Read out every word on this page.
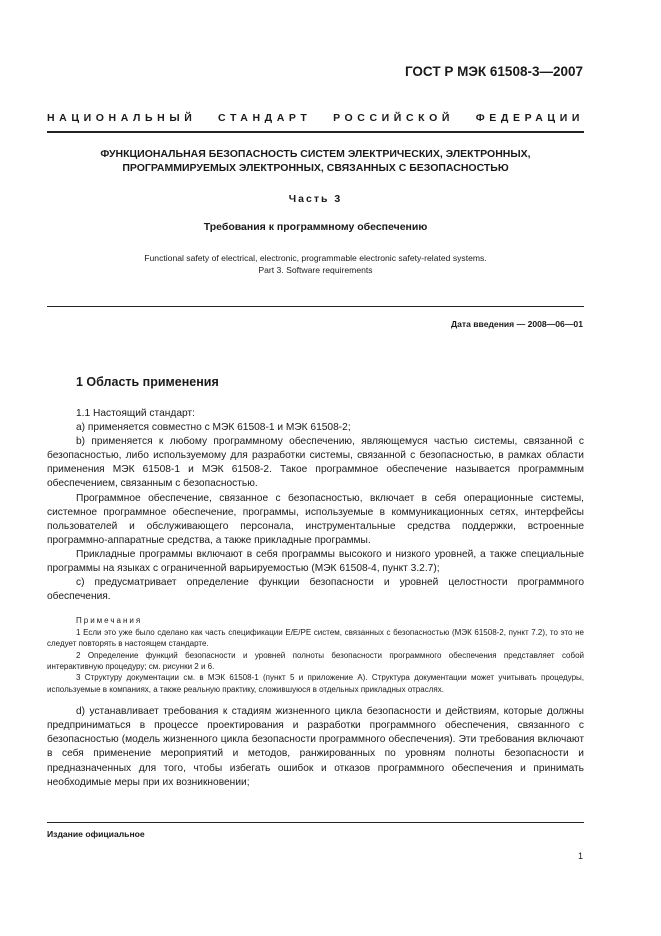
ГОСТ Р МЭК 61508-3—2007
НАЦИОНАЛЬНЫЙ СТАНДАРТ РОССИЙСКОЙ ФЕДЕРАЦИИ
ФУНКЦИОНАЛЬНАЯ БЕЗОПАСНОСТЬ СИСТЕМ ЭЛЕКТРИЧЕСКИХ, ЭЛЕКТРОННЫХ,
ПРОГРАММИРУЕМЫХ ЭЛЕКТРОННЫХ, СВЯЗАННЫХ С БЕЗОПАСНОСТЬЮ
Часть 3
Требования к программному обеспечению
Functional safety of electrical, electronic, programmable electronic safety-related systems.
Part 3. Software requirements
Дата введения — 2008—06—01
1 Область применения

1.1 Настоящий стандарт:

а) применяется совместно с МЭК 61508-1 и МЭК 61508-2;

b) применяется к любому программному обеспечению, являющемуся частью системы, связанной с безопасностью, либо используемому для разработки системы, связанной с безопасностью, в рамках области применения МЭК 61508-1 и МЭК 61508-2. Такое программное обеспечение называется программным обеспечением, связанным с безопасностью.

Программное обеспечение, связанное с безопасностью, включает в себя операционные системы, системное программное обеспечение, программы, используемые в коммуникационных сетях, интерфейсы пользователей и обслуживающего персонала, инструментальные средства поддержки, встроенные программно-аппаратные средства, а также прикладные программы.

Прикладные программы включают в себя программы высокого и низкого уровней, а также специальные программы на языках с ограниченной варьируемостью (МЭК 61508-4, пункт 3.2.7);

с) предусматривает определение функции безопасности и уровней целостности программного обеспечения.

Примечания

1 Если это уже было сделано как часть спецификации Е/Е/РЕ систем, связанных с безопасностью (МЭК 61508-2, пункт 7.2), то это не следует повторять в настоящем стандарте.

2 Определение функций безопасности и уровней полноты безопасности программного обеспечения представляет собой интерактивную процедуру; см. рисунки 2 и 6.

3 Структуру документации см. в МЭК 61508-1 (пункт 5 и приложение А). Структура документации может учитывать процедуры, используемые в компаниях, а также реальную практику, сложившуюся в отдельных прикладных отраслях.

d) устанавливает требования к стадиям жизненного цикла безопасности и действиям, которые должны предприниматься в процессе проектирования и разработки программного обеспечения, связанного с безопасностью (модель жизненного цикла безопасности программного обеспечения). Эти требования включают в себя применение мероприятий и методов, ранжированных по уровням полноты безопасности и предназначенных для того, чтобы избегать ошибок и отказов программного обеспечения и принимать необходимые меры при их возникновении;

Издание официальное
1
